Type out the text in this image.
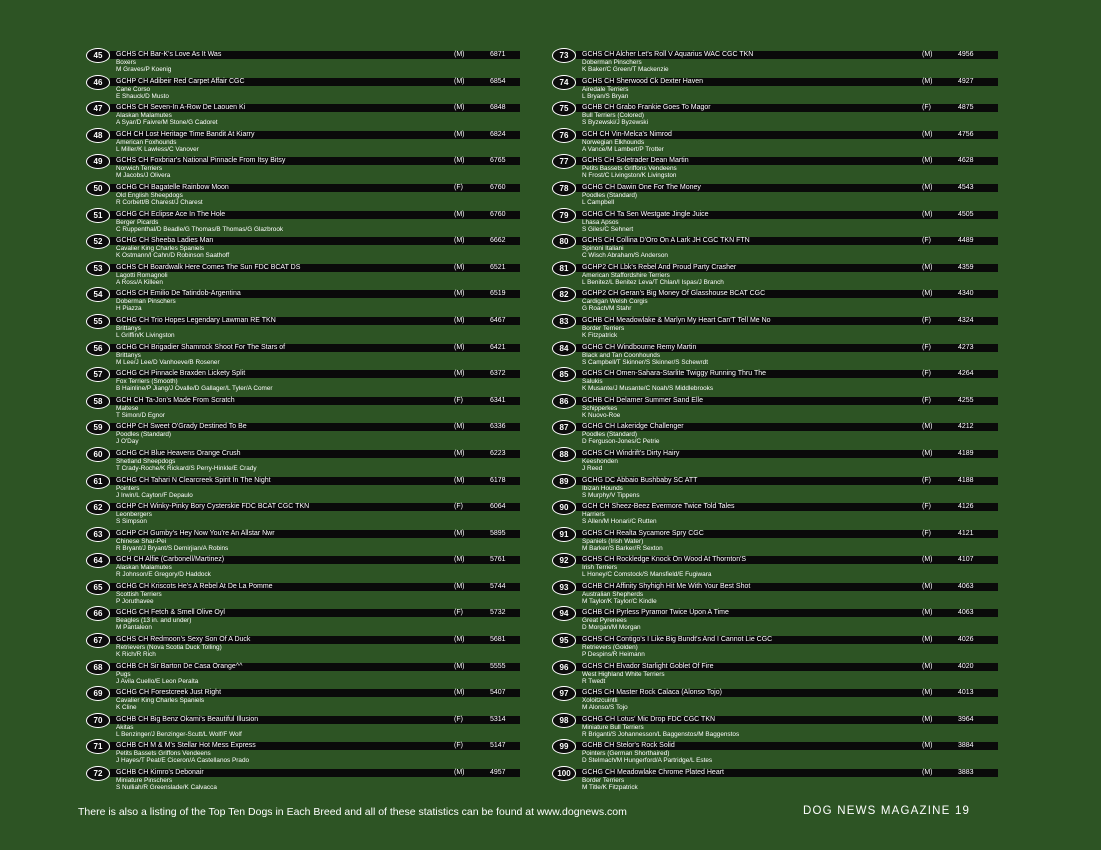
45	GCHS CH Bar-K's Love As It Was	(M)	6871
Boxers
M Graves/P Koenig
46	GCHP CH Adibeir Red Carpet Affair CGC	(M)	6854
Cane Corso
E Shauck/D Musto
47	GCHS CH Seven-In A-Row De Laouen Ki	(M)	6848
Alaskan Malamutes
A Syar/D Faivre/M Stone/G Cadoret
48	GCH CH Lost Heritage Time Bandit At Kiarry	(M)	6824
American Foxhounds
L Miller/K Lawless/C Vanover
49	GCHS CH Foxbriar's National Pinnacle From Itsy Bitsy	(M)	6765
Norwich Terriers
M Jacobs/J Olivera
50	GCHG CH Bagatelle Rainbow Moon	(F)	6760
Old English Sheepdogs
R Corbett/B Charest/J Charest
51	GCHG CH Eclipse Ace In The Hole	(M)	6760
Berger Picards
C Ruppenthal/D Beadle/G Thomas/B Thomas/G Glazbrook
52	GCHG CH Sheeba Ladies Man	(M)	6662
Cavalier King Charles Spaniels
K Ostmann/I Cahn/D Robinson Saathoff
53	GCHS CH Boardwalk Here Comes The Sun FDC BCAT DS	(M)	6521
Lagotti Romagnoli
A Ross/A Killeen
54	GCHS CH Emilio De Tatindob-Argentina	(M)	6519
Doberman Pinschers
H Piazza
55	GCHG CH Trio Hopes Legendary Lawman RE TKN	(M)	6467
Brittanys
L Griffin/K Livingston
56	GCHG CH Brigadier Shamrock Shoot For The Stars of	(M)	6421
Brittanys
M Lee/J Lee/D Vanhoeve/B Rosener
57	GCHG CH Pinnacle Braxden Lickety Split	(M)	6372
Fox Terriers (Smooth)
B Hainline/P Jiang/J Ovalle/D Gallager/L Tyler/A Comer
58	GCH CH Ta-Jon's Made From Scratch	(F)	6341
Maltese
T Simon/D Egnor
59	GCHP CH Sweet O'Grady Destined To Be	(M)	6336
Poodles (Standard)
J O'Day
60	GCHG CH Blue Heavens Orange Crush	(M)	6223
Shetland Sheepdogs
T Crady-Roche/K Rickard/S Perry-Hinkle/E Crady
61	GCHG CH Tahari N Clearcreek Spirit In The Night	(M)	6178
Pointers
J Irwin/L Cayton/F Depaulo
62	GCHP CH Winky-Pinky Bory Cysterskie FDC BCAT CGC TKN	(F)	6064
Leonbergers
S Simpson
63	GCHP CH Gumby's Hey Now You're An Allstar Nwr	(M)	5895
Chinese Shar-Pei
R Bryant/J Bryant/S Demirjian/A Robins
64	GCH CH Alfie (Carbonell/Martinez)	(M)	5761
Alaskan Malamutes
R Johnson/E Gregory/D Haddock
65	GCHG CH Kriscots He's A Rebel At De La Pomme	(M)	5744
Scottish Terriers
P Joruthavee
66	GCHG CH Fetch & Smell Olive Oyl	(F)	5732
Beagles (13 in. and under)
M Pantaleon
67	GCHS CH Redmoon's Sexy Son Of A Duck	(M)	5681
Retrievers (Nova Scotia Duck Tolling)
K Rich/R Rich
68	GCHB CH Sir Barton De Casa Orange^^	(M)	5555
Pugs
J Avila Cuello/E Leon Peralta
69	GCHG CH Forestcreek Just Right	(M)	5407
Cavalier King Charles Spaniels
K Cline
70	GCHB CH Big Benz Okami's Beautiful Illusion	(F)	5314
Akitas
L Benzinger/J Benzinger-Scutt/L Wolf/F Wolf
71	GCHB CH M & M's Stellar Hot Mess Express	(F)	5147
Petits Bassets Griffons Vendeens
J Hayes/T Peat/E Ciceron/A Castellanos Prado
72	GCHB CH Kimro's Debonair	(M)	4957
Miniature Pinschers
S Nulliah/R Greenslade/K Calvacca
73	GCHS CH Alcher Let's Roll V Aquarius WAC CGC TKN	(M)	4956
Doberman Pinschers
K Baker/C Green/T Mackenzie
74	GCHS CH Sherwood Ck Dexter Haven	(M)	4927
Airedale Terriers
L Bryan/S Bryan
75	GCHB CH Grabo Frankie Goes To Magor	(F)	4875
Bull Terriers (Colored)
S Byzewski/J Byzewski
76	GCH CH Vin-Melca's Nimrod	(M)	4756
Norwegian Elkhounds
A Vance/M Lambert/P Trotter
77	GCHS CH Soletrader Dean Martin	(M)	4628
Petits Bassets Griffons Vendeens
N Frost/C Livingston/K Livingston
78	GCHG CH Dawin One For The Money	(M)	4543
Poodles (Standard)
L Campbell
79	GCHG CH Ta Sen Westgate Jingle Juice	(M)	4505
Lhasa Apsos
S Giles/C Sehnert
80	GCHS CH Collina D'Oro On A Lark JH CGC TKN FTN	(F)	4489
Spinoni Italiani
C Wisch Abraham/S Anderson
81	GCHP2 CH Lbk's Rebel And Proud Party Crasher	(M)	4359
American Staffordshire Terriers
L Benitez/L Benitez Leva/T Chlan/I Ispas/J Branch
82	GCHP2 CH Geran's Big Money Of Glasshouse BCAT CGC	(M)	4340
Cardigan Welsh Corgis
G Roach/M Stahr
83	GCHB CH Meadowlake & Marlyn My Heart Can'T Tell Me No	(F)	4324
Border Terriers
K Fitzpatrick
84	GCHG CH Windbourne Remy Martin	(F)	4273
Black and Tan Coonhounds
S Campbell/T Skinner/S Skinner/S Schewrdt
85	GCHS CH Omen-Sahara-Starlite Twiggy Running Thru The	(F)	4264
Salukis
K Musante/J Musante/C Noah/S Middlebrooks
86	GCHB CH Delamer Summer Sand Elle	(F)	4255
Schipperkes
K Nuovo-Roe
87	GCHG CH Lakeridge Challenger	(M)	4212
Poodles (Standard)
D Ferguson-Jones/C Petrie
88	GCHS CH Windrift's Dirty Hairy	(M)	4189
Keeshonden
J Reed
89	GCHG DC Abbaio Bushbaby SC ATT	(F)	4188
Ibizan Hounds
S Murphy/V Tippens
90	GCH CH Sheez-Beez Evermore Twice Told Tales	(F)	4126
Harriers
S Allen/M Honari/C Rutten
91	GCHS CH Realta Sycamore Spry CGC	(F)	4121
Spaniels (Irish Water)
M Barker/S Barker/R Sexton
92	GCHS CH Rockledge Knock On Wood At Thornton'S	(M)	4107
Irish Terriers
L Honey/C Comstock/S Mansfield/E Fugiwara
93	GCHB CH Affinity Shyhigh Hit Me With Your Best Shot	(M)	4063
Australian Shepherds
M Taylor/K Taylor/C Kindle
94	GCHB CH Pyrless Pyramor Twice Upon A Time	(M)	4063
Great Pyrenees
D Morgan/M Morgan
95	GCHS CH Contigo's I Like Big Bundt's And I Cannot Lie CGC	(M)	4026
Retrievers (Golden)
P Despins/R Heimann
96	GCHS CH Elvador Starlight Goblet Of Fire	(M)	4020
West Highland White Terriers
R Twedt
97	GCHS CH Master Rock Calaca (Alonso Tojo)	(M)	4013
Xoloitzcuintli
M Alonso/S Tojo
98	GCHG CH Lotus' Mic Drop FDC CGC TKN	(M)	3964
Miniature Bull Terriers
R Briganti/S Johannesson/L Baggenstos/M Baggenstos
99	GCHB CH Stelor's Rock Solid	(M)	3884
Pointers (German Shorthaired)
D Stelmach/M Hungerford/A Partridge/L Estes
100	GCHG CH Meadowlake Chrome Plated Heart	(M)	3883
Border Terriers
M Title/K Fitzpatrick
There is also a listing of the Top Ten Dogs in Each Breed and all of these statistics can be found at www.dognews.com	DOG NEWS MAGAZINE 19
